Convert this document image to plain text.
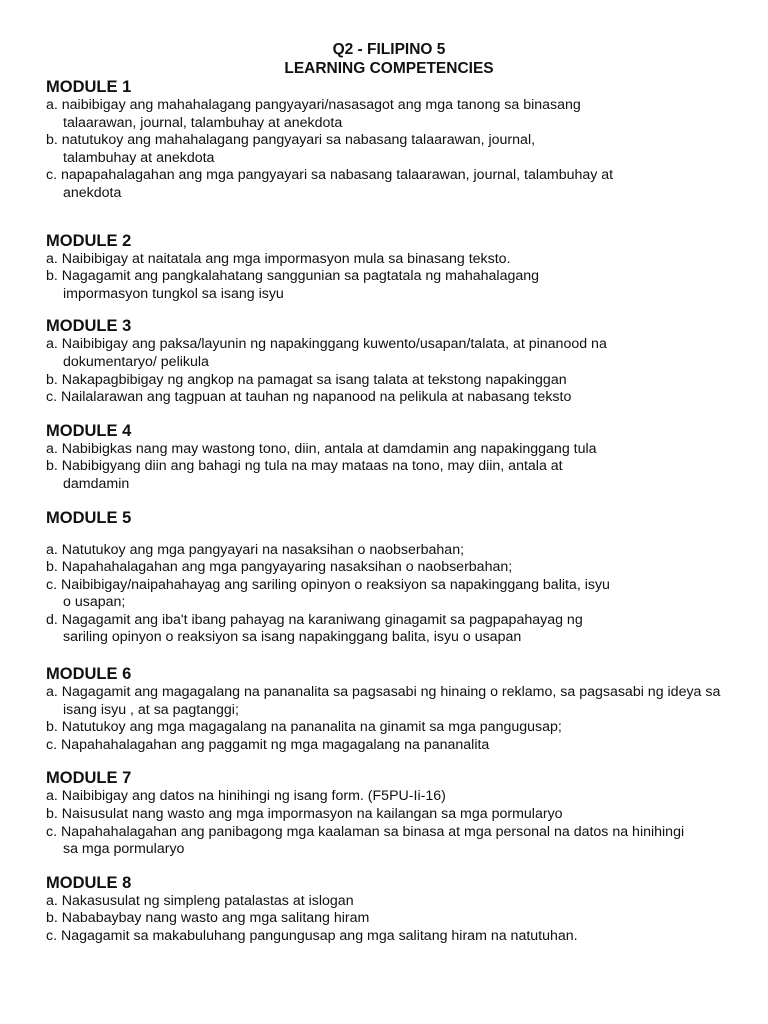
Q2 - FILIPINO 5
LEARNING COMPETENCIES
MODULE 1
a. naibibigay ang mahahalagang pangyayari/nasasagot ang mga tanong sa binasang talaarawan, journal, talambuhay at anekdota
b. natutukoy ang mahahalagang pangyayari sa nabasang talaarawan, journal, talambuhay at anekdota
c. napapahalagahan ang mga pangyayari sa nabasang talaarawan, journal, talambuhay at anekdota
MODULE 2
a. Naibibigay at naitatala ang mga impormasyon mula sa binasang teksto.
b. Nagagamit ang pangkalahatang sanggunian sa pagtatala ng mahahalagang impormasyon tungkol sa isang isyu
MODULE 3
a. Naibibigay ang paksa/layunin ng napakinggang kuwento/usapan/talata, at pinanood na dokumentaryo/ pelikula
b. Nakapagbibigay ng angkop na pamagat sa isang talata at tekstong napakinggan
c. Nailalarawan ang tagpuan at tauhan ng napanood na pelikula at nabasang teksto
MODULE 4
a. Nabibigkas nang may wastong tono, diin, antala at damdamin ang napakinggang tula
b. Nabibigyang diin ang bahagi ng tula na may mataas na tono, may diin, antala at damdamin
MODULE 5
a. Natutukoy ang mga pangyayari na nasaksihan o naobserbahan;
b. Napahahalagahan ang mga pangyayaring nasaksihan o naobserbahan;
c. Naibibigay/naipahahayag ang sariling opinyon o reaksiyon sa napakinggang balita, isyu o usapan;
d. Nagagamit ang iba't ibang pahayag na karaniwang ginagamit sa pagpapahayag ng sariling opinyon o reaksiyon sa isang napakinggang balita, isyu o usapan
MODULE 6
a. Nagagamit ang magagalang na pananalita sa pagsasabi ng hinaing o reklamo, sa pagsasabi ng ideya sa isang isyu , at sa pagtanggi;
b. Natutukoy ang mga magagalang na pananalita na ginamit sa mga pangugusap;
c. Napahahalagahan ang paggamit ng mga magagalang na pananalita
MODULE 7
a. Naibibigay ang datos na hinihingi ng isang form. (F5PU-Ii-16)
b. Naisusulat nang wasto ang mga impormasyon na kailangan sa mga pormularyo
c. Napahahalagahan ang panibagong mga kaalaman sa binasa at mga personal na datos na hinihingi sa mga pormularyo
MODULE 8
a. Nakasusulat ng simpleng patalastas at islogan
b. Nababaybay nang wasto ang mga salitang hiram
c. Nagagamit sa makabuluhang pangungusap ang mga salitang hiram na natutuhan.
